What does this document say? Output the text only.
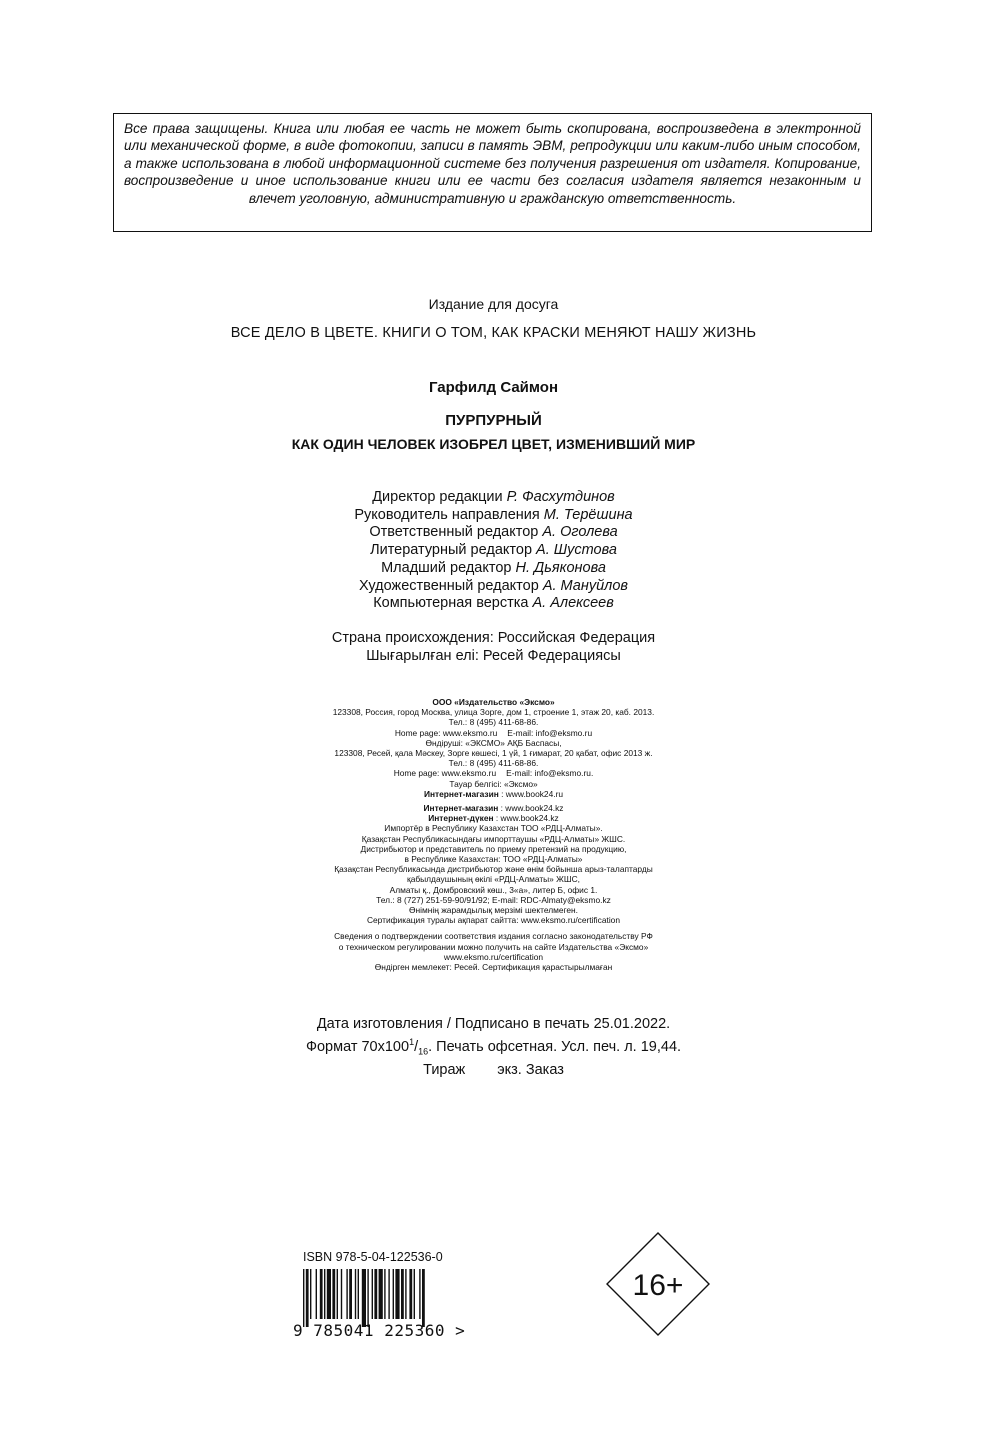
Все права защищены. Книга или любая ее часть не может быть скопирована, воспроизведена в электронной или механической форме, в виде фотокопии, записи в память ЭВМ, репродукции или каким-либо иным способом, а также использована в любой информационной системе без получения разрешения от издателя. Копирование, воспроизведение и иное использование книги или ее части без согласия издателя является незаконным и влечет уголовную, административную и гражданскую ответственность.

Издание для досуга
ВСЕ ДЕЛО В ЦВЕТЕ. КНИГИ О ТОМ, КАК КРАСКИ МЕНЯЮТ НАШУ ЖИЗНЬ
Гарфилд Саймон
ПУРПУРНЫЙ
КАК ОДИН ЧЕЛОВЕК ИЗОБРЕЛ ЦВЕТ, ИЗМЕНИВШИЙ МИР
Директор редакции Р. Фасхутдинов
Руководитель направления М. Терёшина
Ответственный редактор А. Оголева
Литературный редактор А. Шустова
Младший редактор Н. Дьяконова
Художественный редактор А. Мануйлов
Компьютерная верстка А. Алексеев
Страна происхождения: Российская Федерация
Шығарылған елі: Ресей Федерациясы
ООО «Издательство «Эксмо»
123308, Россия, город Москва, улица Зорге, дом 1, строение 1, этаж 20, каб. 2013.
Тел.: 8 (495) 411-68-86.
Home page: www.eksmo.ru E-mail: info@eksmo.ru
Өндіруші: «ЭКСМО» АҚБ Баспасы,
123308, Ресей, қала Мәскеу, Зорге көшесі, 1 үй, 1 ғимарат, 20 қабат, офис 2013 ж.
Тел.: 8 (495) 411-68-86.
Home page: www.eksmo.ru E-mail: info@eksmo.ru.
Тауар белгісі: «Эксмо»
Интернет-магазин : www.book24.ru
Интернет-магазин : www.book24.kz
Интернет-дүкен : www.book24.kz
Импортёр в Республику Казахстан ТОО «РДЦ-Алматы».
Қазақстан Республикасындағы импорттаушы «РДЦ-Алматы» ЖШС.
Дистрибьютор и представитель по приему претензий на продукцию,
в Республике Казахстан: ТОО «РДЦ-Алматы»
Қазақстан Республикасында дистрибьютор және өнім бойынша арыз-талаптарды
қабылдаушының өкілі «РДЦ-Алматы» ЖШС,
Алматы қ., Домбровский көш., 3«а», литер Б, офис 1.
Тел.: 8 (727) 251-59-90/91/92; E-mail: RDC-Almaty@eksmo.kz
Өнімнің жарамдылық мерзімі шектелмеген.
Сертификация туралы ақпарат сайтта: www.eksmo.ru/certification
Сведения о подтверждении соответствия издания согласно законодательству РФ
о техническом регулировании можно получить на сайте Издательства «Эксмо»
www.eksmo.ru/certification
Өндірген мемлекет: Ресей. Сертификация қарастырылмаған
Дата изготовления / Подписано в печать 25.01.2022.
Формат $70x100^1/_{16}$. Печать офсетная. Усл. печ. л. 19,44.
Тираж экз. Заказ
ISBN 978-5-04-122536-0
9 785041 225360 >
16+
